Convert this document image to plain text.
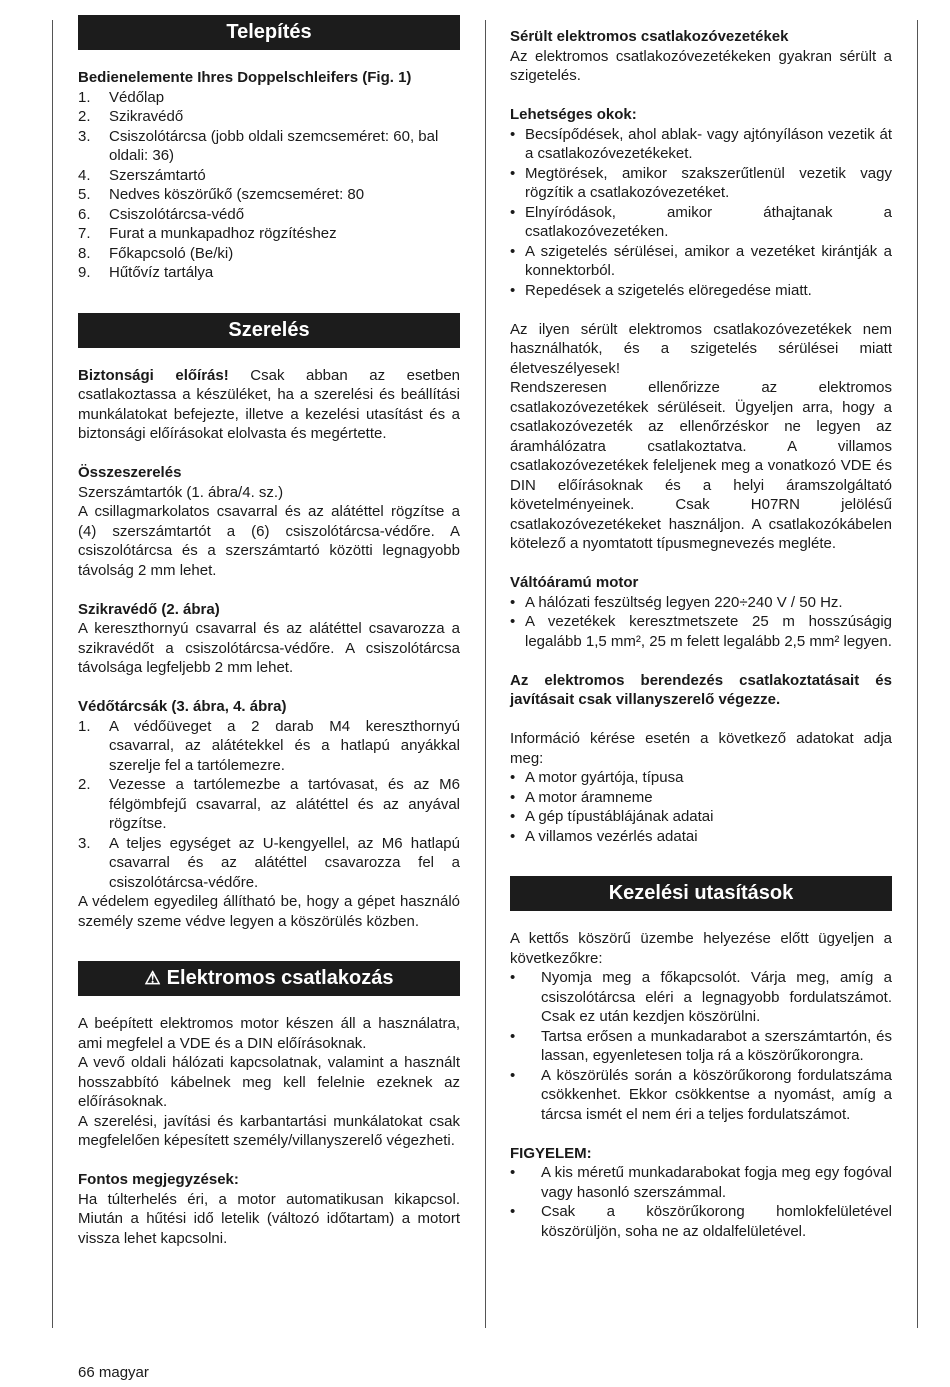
Telepítés

Bedienelemente Ihres Doppelschleifers (Fig. 1)

1. Védőlap
2. Szikravédő
3. Csiszolótárcsa (jobb oldali szemcseméret: 60, bal oldali: 36)
4. Szerszámtartó
5. Nedves köszörűkő (szemcseméret: 80
6. Csiszolótárcsa-védő
7. Furat a munkapadhoz rögzítéshez
8. Főkapcsoló (Be/ki)
9. Hűtővíz tartálya
Szerelés

Biztonsági előírás! Csak abban az esetben csatlakoztassa a készüléket, ha a szerelési és beállítási munkálatokat befejezte, illetve a kezelési utasítást és a biztonsági előírásokat elolvasta és megértette.

Összeszerelés

Szerszámtartók (1. ábra/4. sz.)

A csillagmarkolatos csavarral és az alátéttel rögzítse a (4) szerszámtartót a (6) csiszolótárcsa-védőre. A csiszolótárcsa és a szerszámtartó közötti legnagyobb távolság 2 mm lehet.

Szikravédő (2. ábra)

A kereszthornyú csavarral és az alátéttel csavarozza a szikravédőt a csiszolótárcsa-védőre. A csiszolótárcsa távolsága legfeljebb 2 mm lehet.

Védőtárcsák (3. ábra, 4. ábra)

1. A védőüveget a 2 darab M4 kereszthornyú csavarral, az alátétekkel és a hatlapú anyákkal szerelje fel a tartólemezre.
2. Vezesse a tartólemezbe a tartóvasat, és az M6 félgömbfejű csavarral, az alátéttel és az anyával rögzítse.
3. A teljes egységet az U-kengyellel, az M6 hatlapú csavarral és az alátéttel csavarozza fel a csiszolótárcsa-védőre.

A védelem egyedileg állítható be, hogy a gépet használó személy szeme védve legyen a köszörülés közben.

⚠ Elektromos csatlakozás

A beépített elektromos motor készen áll a használatra, ami megfelel a VDE és a DIN előírásoknak.

A vevő oldali hálózati kapcsolatnak, valamint a használt hosszabbító kábelnek meg kell felelnie ezeknek az előírásoknak.

A szerelési, javítási és karbantartási munkálatokat csak megfelelően képesített személy/villanyszerelő végezheti.

Fontos megjegyzések:

Ha túlterhelés éri, a motor automatikusan kikapcsol. Miután a hűtési idő letelik (változó időtartam) a motort vissza lehet kapcsolni.

Sérült elektromos csatlakozóvezetékek

Az elektromos csatlakozóvezetékeken gyakran sérült a szigetelés.

Lehetséges okok:

• Becsípődések, ahol ablak- vagy ajtónyíláson vezetik át a csatlakozóvezetékeket.
• Megtörések, amikor szakszerűtlenül vezetik vagy rögzítik a csatlakozóvezetéket.
• Elnyíródások, amikor áthajtanak a csatlakozóvezetéken.
• A szigetelés sérülései, amikor a vezetéket kirántják a konnektorból.
• Repedések a szigetelés elöregedése miatt.

Az ilyen sérült elektromos csatlakozóvezetékek nem használhatók, és a szigetelés sérülései miatt életveszélyesek!

Rendszeresen ellenőrizze az elektromos csatlakozóvezetékek sérüléseit. Ügyeljen arra, hogy a csatlakozóvezeték az ellenőrzéskor ne legyen az áramhálózatra csatlakoztatva. A villamos csatlakozóvezetékek feleljenek meg a vonatkozó VDE és DIN előírásoknak és a helyi áramszolgáltató követelményeinek. Csak H07RN jelölésű csatlakozóvezetékeket használjon. A csatlakozókábelen kötelező a nyomtatott típusmegnevezés megléte.

Váltóáramú motor

• A hálózati feszültség legyen 220÷240 V / 50 Hz.
• A vezetékek keresztmetszete 25 m hosszúságig legalább 1,5 mm², 25 m felett legalább 2,5 mm² legyen.

Az elektromos berendezés csatlakoztatásait és javításait csak villanyszerelő végezze.

Információ kérése esetén a következő adatokat adja meg:

• A motor gyártója, típusa
• A motor áramneme
• A gép típustáblájának adatai
• A villamos vezérlés adatai
Kezelési utasítások

A kettős köszörű üzembe helyezése előtt ügyeljen a következőkre:

• Nyomja meg a főkapcsolót. Várja meg, amíg a csiszolótárcsa eléri a legnagyobb fordulatszámot. Csak ez után kezdjen köszörülni.
• Tartsa erősen a munkadarabot a szerszámtartón, és lassan, egyenletesen tolja rá a köszörűkorongra.
• A köszörülés során a köszörűkorong fordulatszáma csökkenhet. Ekkor csökkentse a nyomást, amíg a tárcsa ismét el nem éri a teljes fordulatszámot.

FIGYELEM:

• A kis méretű munkadarabokat fogja meg egy fogóval vagy hasonló szerszámmal.
• Csak a köszörűkorong homlokfelületével köszörüljön, soha ne az oldalfelületével.
66 magyar
